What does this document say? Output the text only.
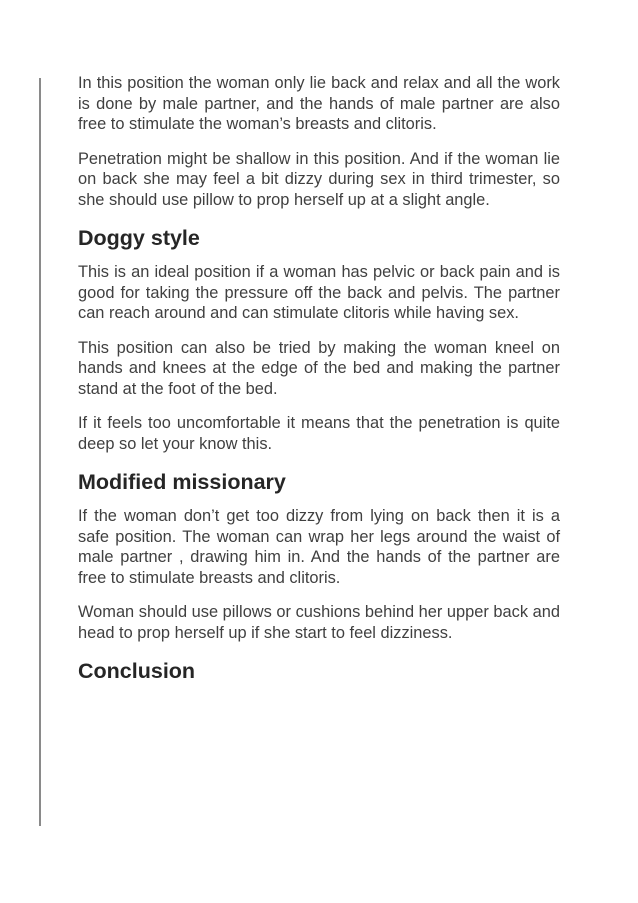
In this position the woman only lie back and relax and all the work is done by male partner, and the hands of male partner are also free to stimulate the woman’s breasts and clitoris.

Penetration might be shallow in this position. And if the woman lie on back she may feel a bit dizzy during sex in third trimester, so she should use pillow to prop herself up at a slight angle.

Doggy style

This is an ideal position if a woman has pelvic or back pain and is good for taking the pressure off the back and pelvis. The partner can reach around and can stimulate clitoris while having sex.

This position can also be tried by making the woman kneel on hands and knees at the edge of the bed and making the partner stand at the foot of the bed.

If it feels too uncomfortable it means that the penetration is quite deep so let your know this.

Modified missionary

If the woman don’t get too dizzy from lying on back then it is a safe position. The woman can wrap her legs around the waist of male partner , drawing him in. And the hands of the partner are free to stimulate breasts and clitoris.

Woman should use pillows or cushions behind her upper back and head to prop herself up if she start to feel dizziness.

Conclusion
